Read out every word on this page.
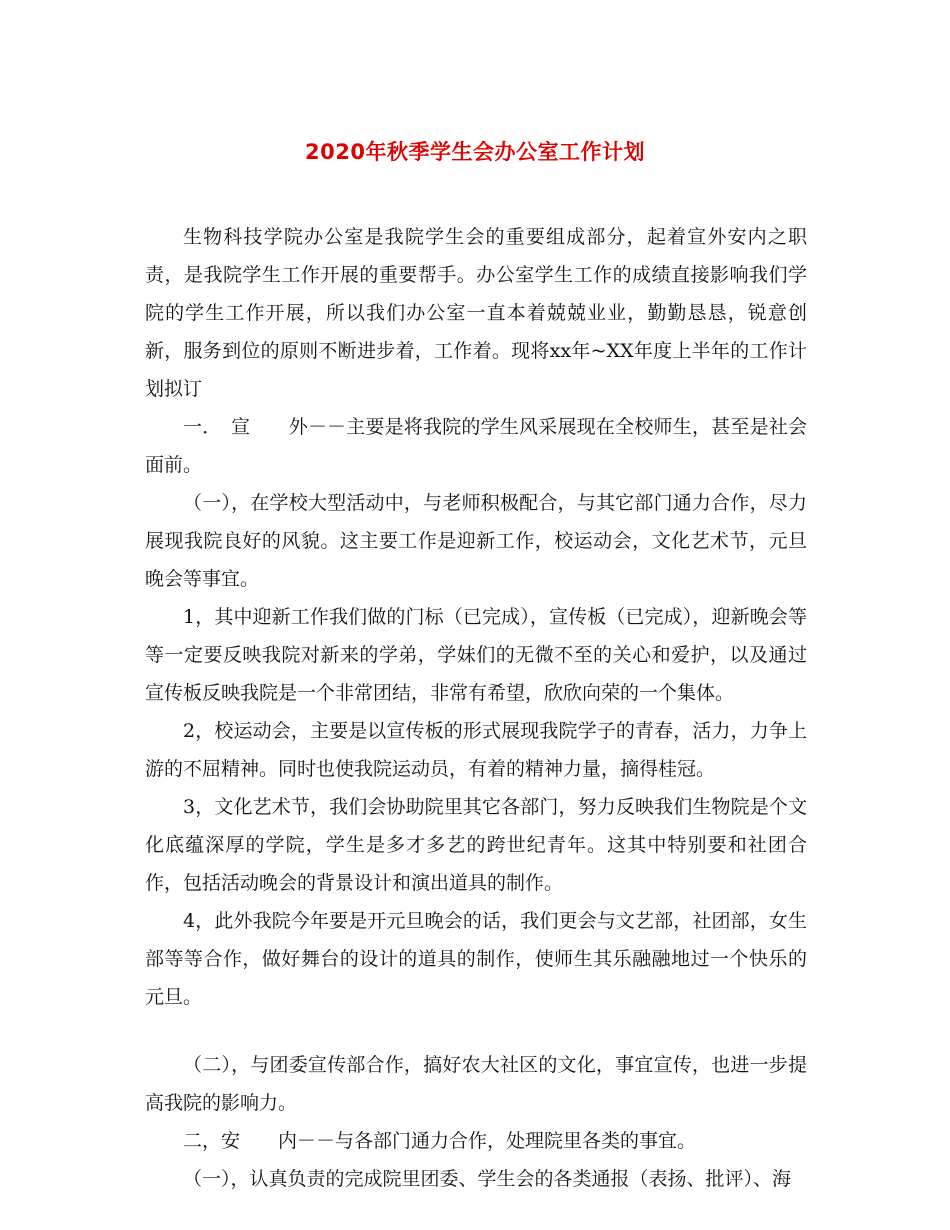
2020年秋季学生会办公室工作计划

生物科技学院办公室是我院学生会的重要组成部分，起着宣外安内之职责，是我院学生工作开展的重要帮手。办公室学生工作的成绩直接影响我们学院的学生工作开展，所以我们办公室一直本着兢兢业业，勤勤恳恳，锐意创新，服务到位的原则不断进步着，工作着。现将xx年~XX年度上半年的工作计划拟订

一．　宣　　外－－主要是将我院的学生风采展现在全校师生，甚至是社会面前。

（一），在学校大型活动中，与老师积极配合，与其它部门通力合作，尽力展现我院良好的风貌。这主要工作是迎新工作，校运动会，文化艺术节，元旦晚会等事宜。

1，其中迎新工作我们做的门标（已完成），宣传板（已完成），迎新晚会等等一定要反映我院对新来的学弟，学妹们的无微不至的关心和爱护，以及通过宣传板反映我院是一个非常团结，非常有希望，欣欣向荣的一个集体。

2，校运动会，主要是以宣传板的形式展现我院学子的青春，活力，力争上游的不屈精神。同时也使我院运动员，有着的精神力量，摘得桂冠。

3，文化艺术节，我们会协助院里其它各部门，努力反映我们生物院是个文化底蕴深厚的学院，学生是多才多艺的跨世纪青年。这其中特别要和社团合作，包括活动晚会的背景设计和演出道具的制作。

4，此外我院今年要是开元旦晚会的话，我们更会与文艺部，社团部，女生部等等合作，做好舞台的设计的道具的制作，使师生其乐融融地过一个快乐的元旦。

（二），与团委宣传部合作，搞好农大社区的文化，事宜宣传，也进一步提高我院的影响力。

二，安　　内－－与各部门通力合作，处理院里各类的事宜。

（一），认真负责的完成院里团委、学生会的各类通报（表扬、批评）、海
